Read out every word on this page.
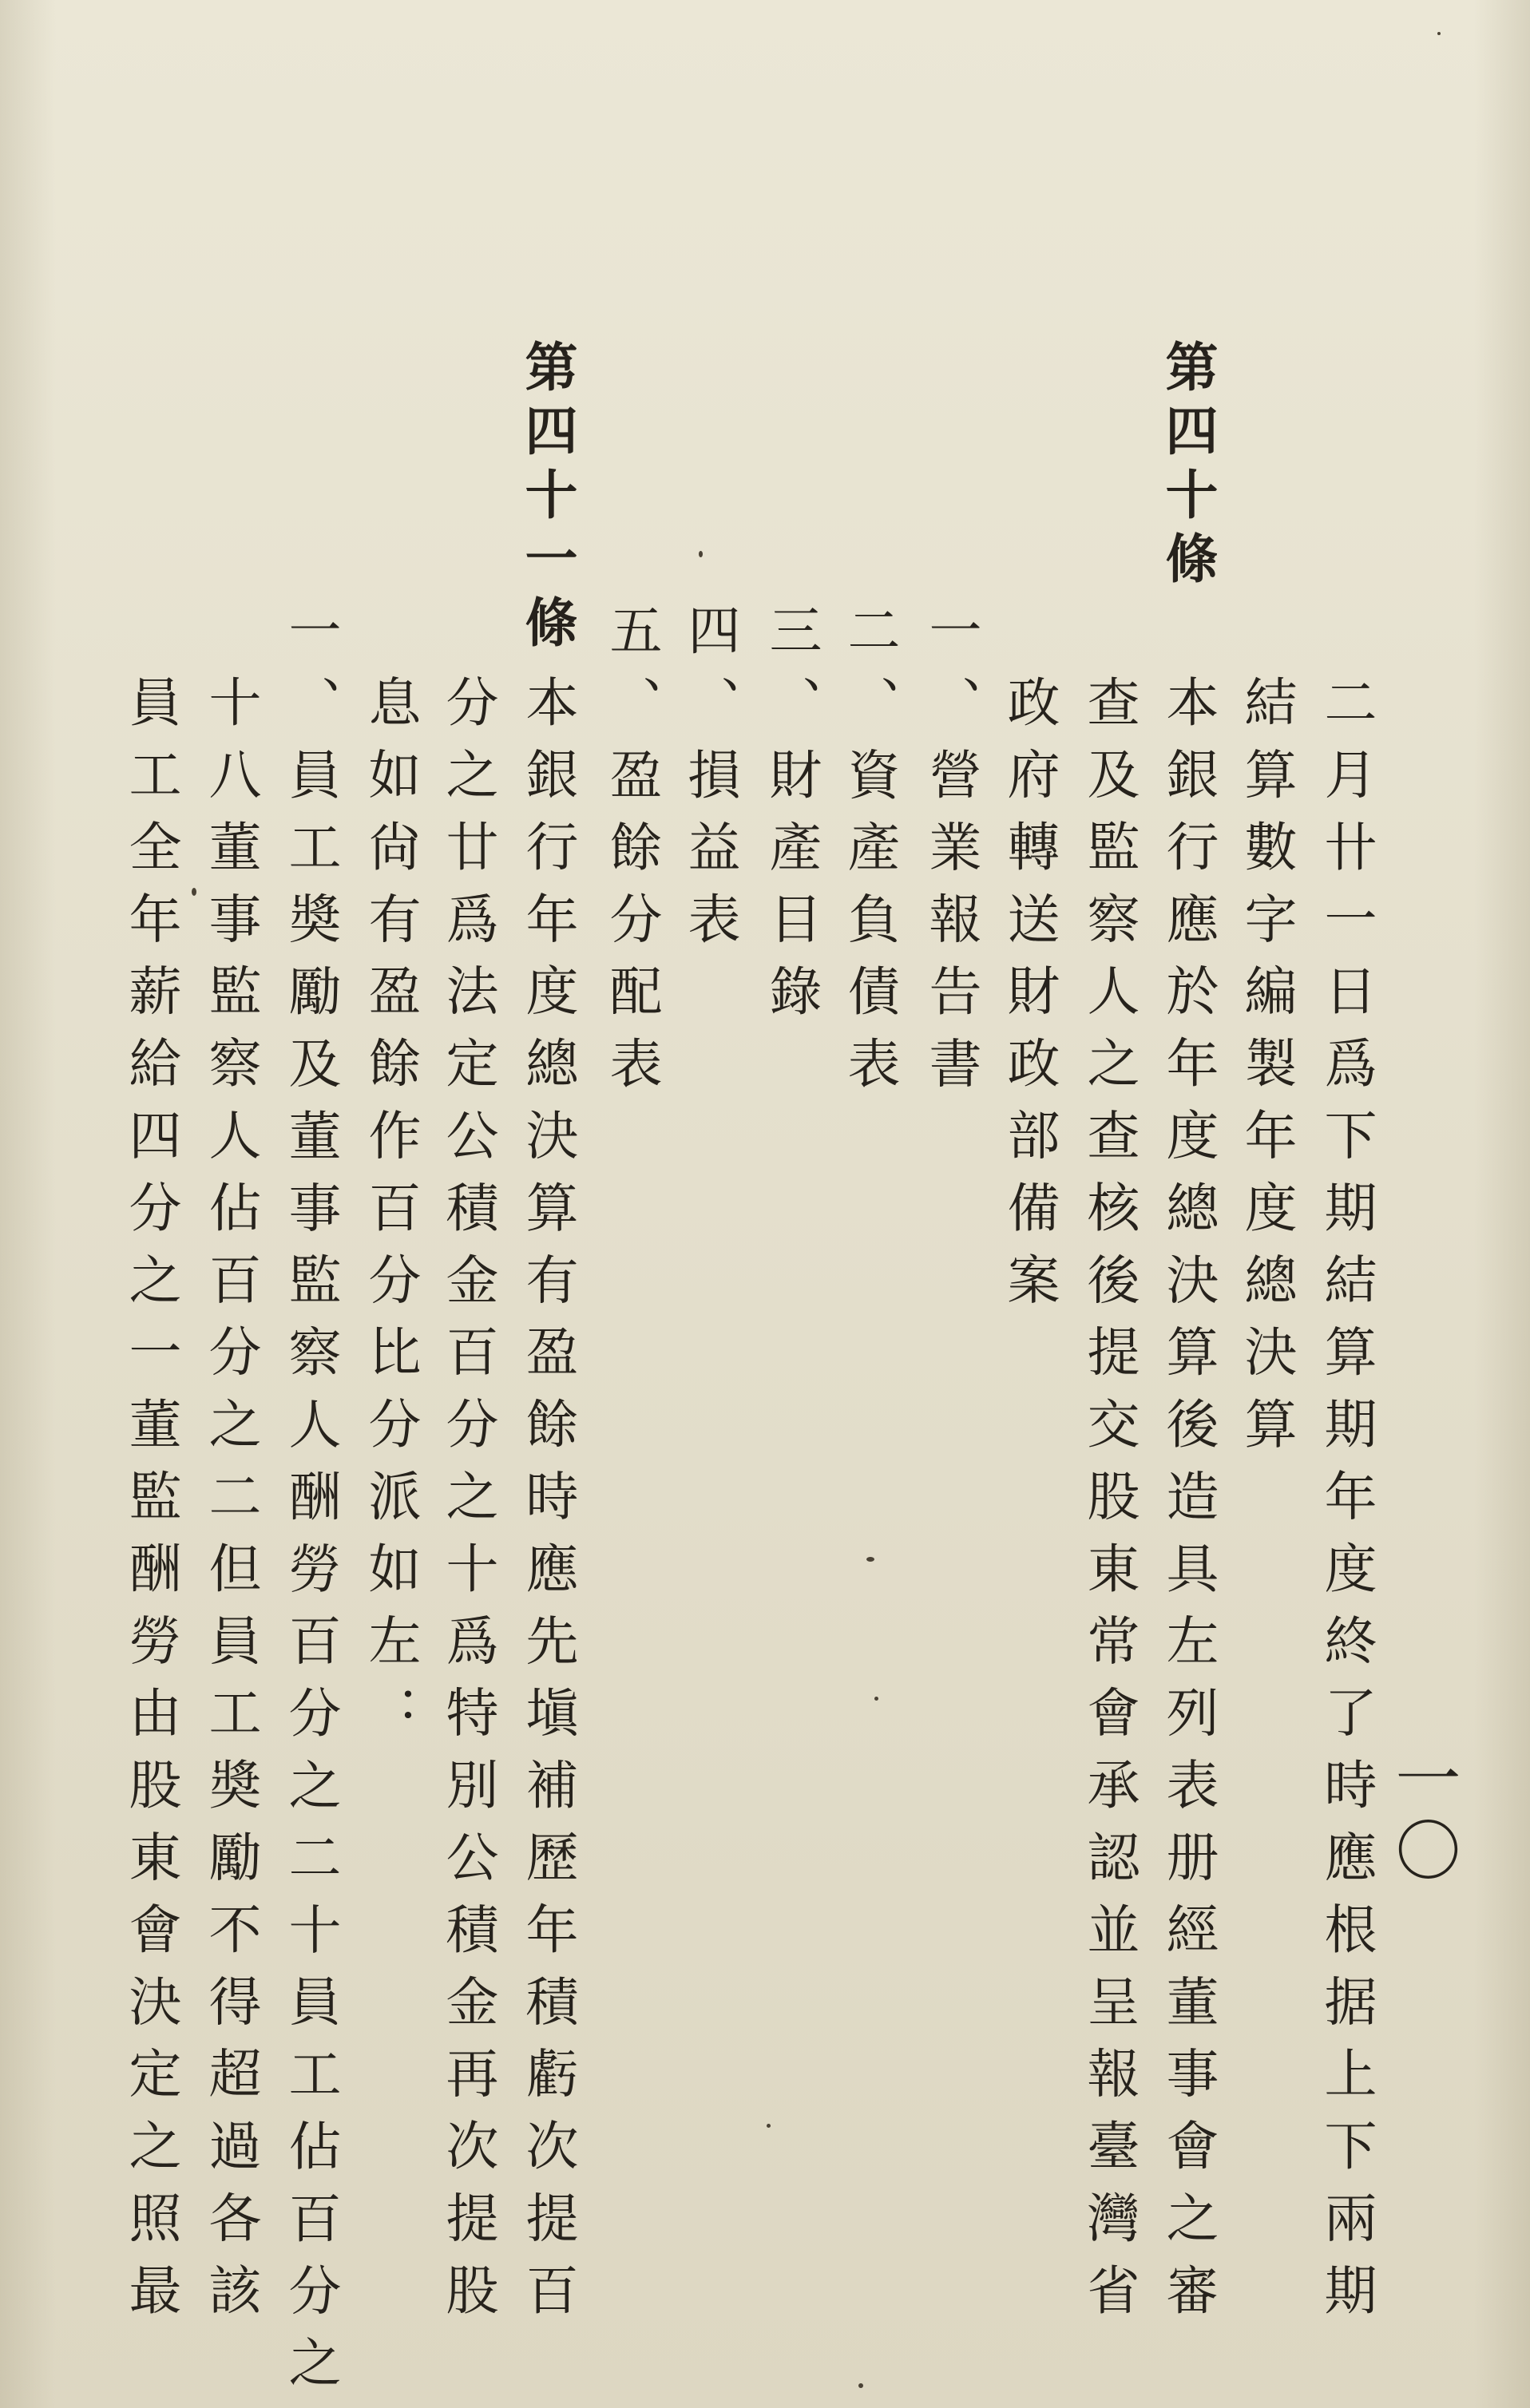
一〇
二月卄一日爲下期結算期年度終了時應根据上下兩期
結算數字編製年度總決算
第四十條
本銀行應於年度總決算後造具左列表册經董事會之審
查及監察人之查核後提交股東常會承認並呈報臺灣省
政府轉送財政部備案
一、營業報告書
二、資產負債表
三、財產目錄
四、損益表
五、盈餘分配表
第四十一條
本銀行年度總決算有盈餘時應先塡補歷年積虧次提百
分之廿爲法定公積金百分之十爲特別公積金再次提股
息如尙有盈餘作百分比分派如左：
一、員工奬勵及董事監察人酬勞百分之二十員工佔百分之
十八董事監察人佔百分之二但員工奬勵不得超過各該
員工全年薪給四分之一董監酬勞由股東會決定之照最
